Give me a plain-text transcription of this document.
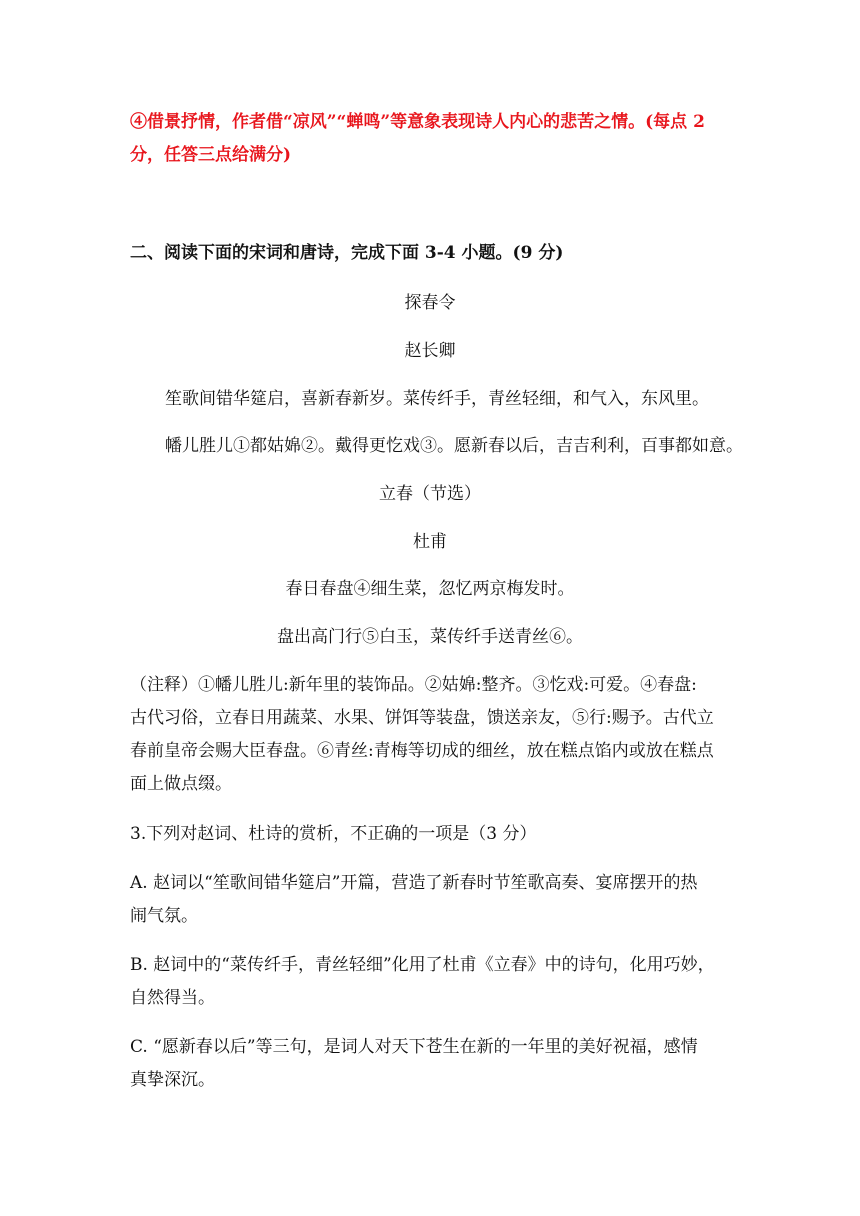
④借景抒情，作者借“凉风”“蝉鸣”等意象表现诗人内心的悲苦之情。(每点 2
分，任答三点给满分)
二、阅读下面的宋词和唐诗，完成下面 3-4 小题。(9 分)
探春令
赵长卿
笙歌间错华筵启，喜新春新岁。菜传纤手，青丝轻细，和气入，东风里。
幡儿胜儿①都姑婂②。戴得更忔戏③。愿新春以后，吉吉利利，百事都如意。
立春（节选）
杜甫
春日春盘④细生菜，忽忆两京梅发时。
盘出高门行⑤白玉，菜传纤手送青丝⑥。
（注释）①幡儿胜儿:新年里的装饰品。②姑婂:整齐。③忔戏:可爱。④春盘:
古代习俗，立春日用蔬菜、水果、饼饵等装盘，馈送亲友，⑤行:赐予。古代立
春前皇帝会赐大臣春盘。⑥青丝:青梅等切成的细丝，放在糕点馅内或放在糕点
面上做点缀。
3.下列对赵词、杜诗的赏析，不正确的一项是（3 分）
A. 赵词以“笙歌间错华筵启”开篇，营造了新春时节笙歌高奏、宴席摆开的热
闹气氛。
B. 赵词中的“菜传纤手，青丝轻细”化用了杜甫《立春》中的诗句，化用巧妙，
自然得当。
C. “愿新春以后”等三句，是词人对天下苍生在新的一年里的美好祝福，感情
真挚深沉。
